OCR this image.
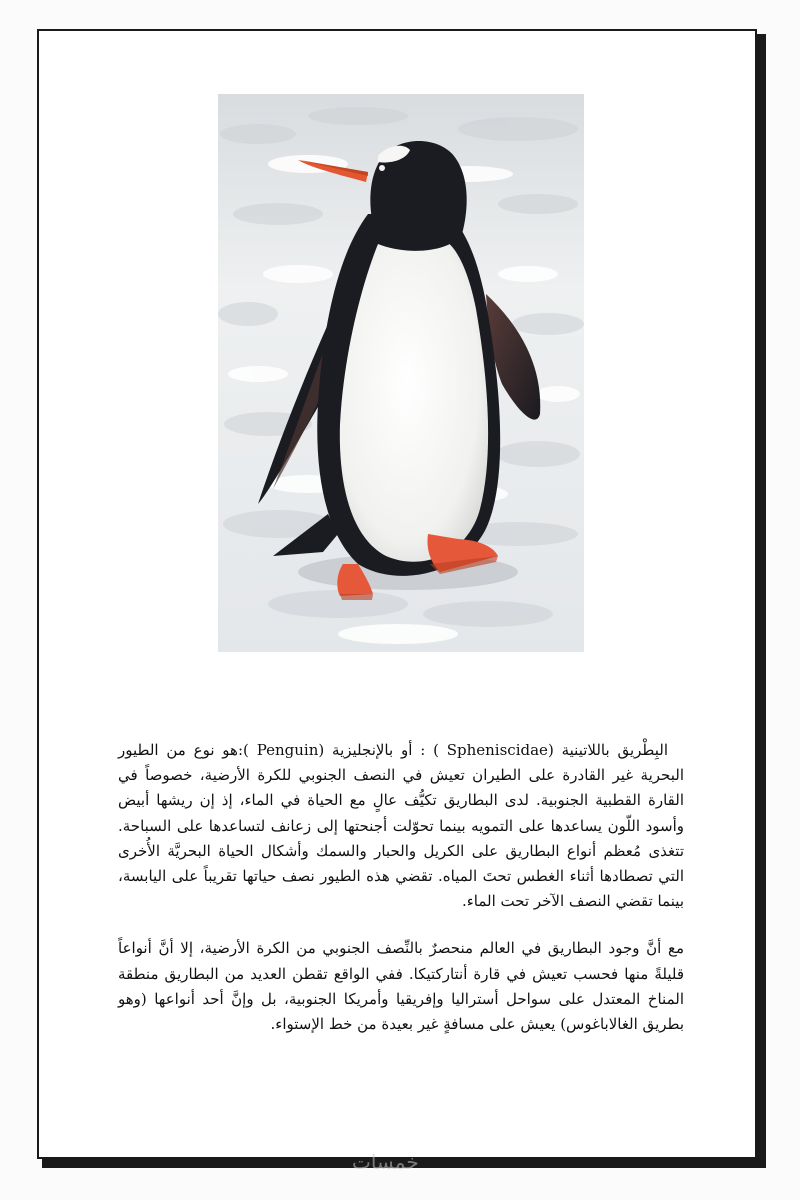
البِطْريق باللاتينية (Spheniscidae ) : أو بالإنجليزية (Penguin ):هو نوع من الطيور البحرية غير القادرة على الطيران تعيش في النصف الجنوبي للكرة الأرضية، خصوصاً في القارة القطبية الجنوبية. لدى البطاريق تكيُّف عالٍ مع الحياة في الماء، إذ إن ريشها أبيض وأسود اللّون يساعدها على التمويه بينما تحوّلت أجنحتها إلى زعانف لتساعدها على السباحة. تتغذى مُعظم أنواع البطاريق على الكريل والحبار والسمك وأشكال الحياة البحريَّة الأُخرى التي تصطادها أثناء الغطس تحتَ المياه. تقضي هذه الطيور نصف حياتها تقريباً على اليابسة، بينما تقضي النصف الآخر تحت الماء.

مع أنَّ وجود البطاريق في العالم منحصرٌ بالنِّصف الجنوبي من الكرة الأرضية، إلا أنَّ أنواعاً قليلةً منها فحسب تعيش في قارة أنتاركتيكا. ففي الواقع تقطن العديد من البطاريق منطقة المناخ المعتدل على سواحل أستراليا وإفريقيا وأمريكا الجنوبية، بل وإنَّ أحد أنواعها (وهو بطريق الغالاباغوس) يعيش على مسافةٍ غير بعيدة من خط الإستواء.

خمسات
